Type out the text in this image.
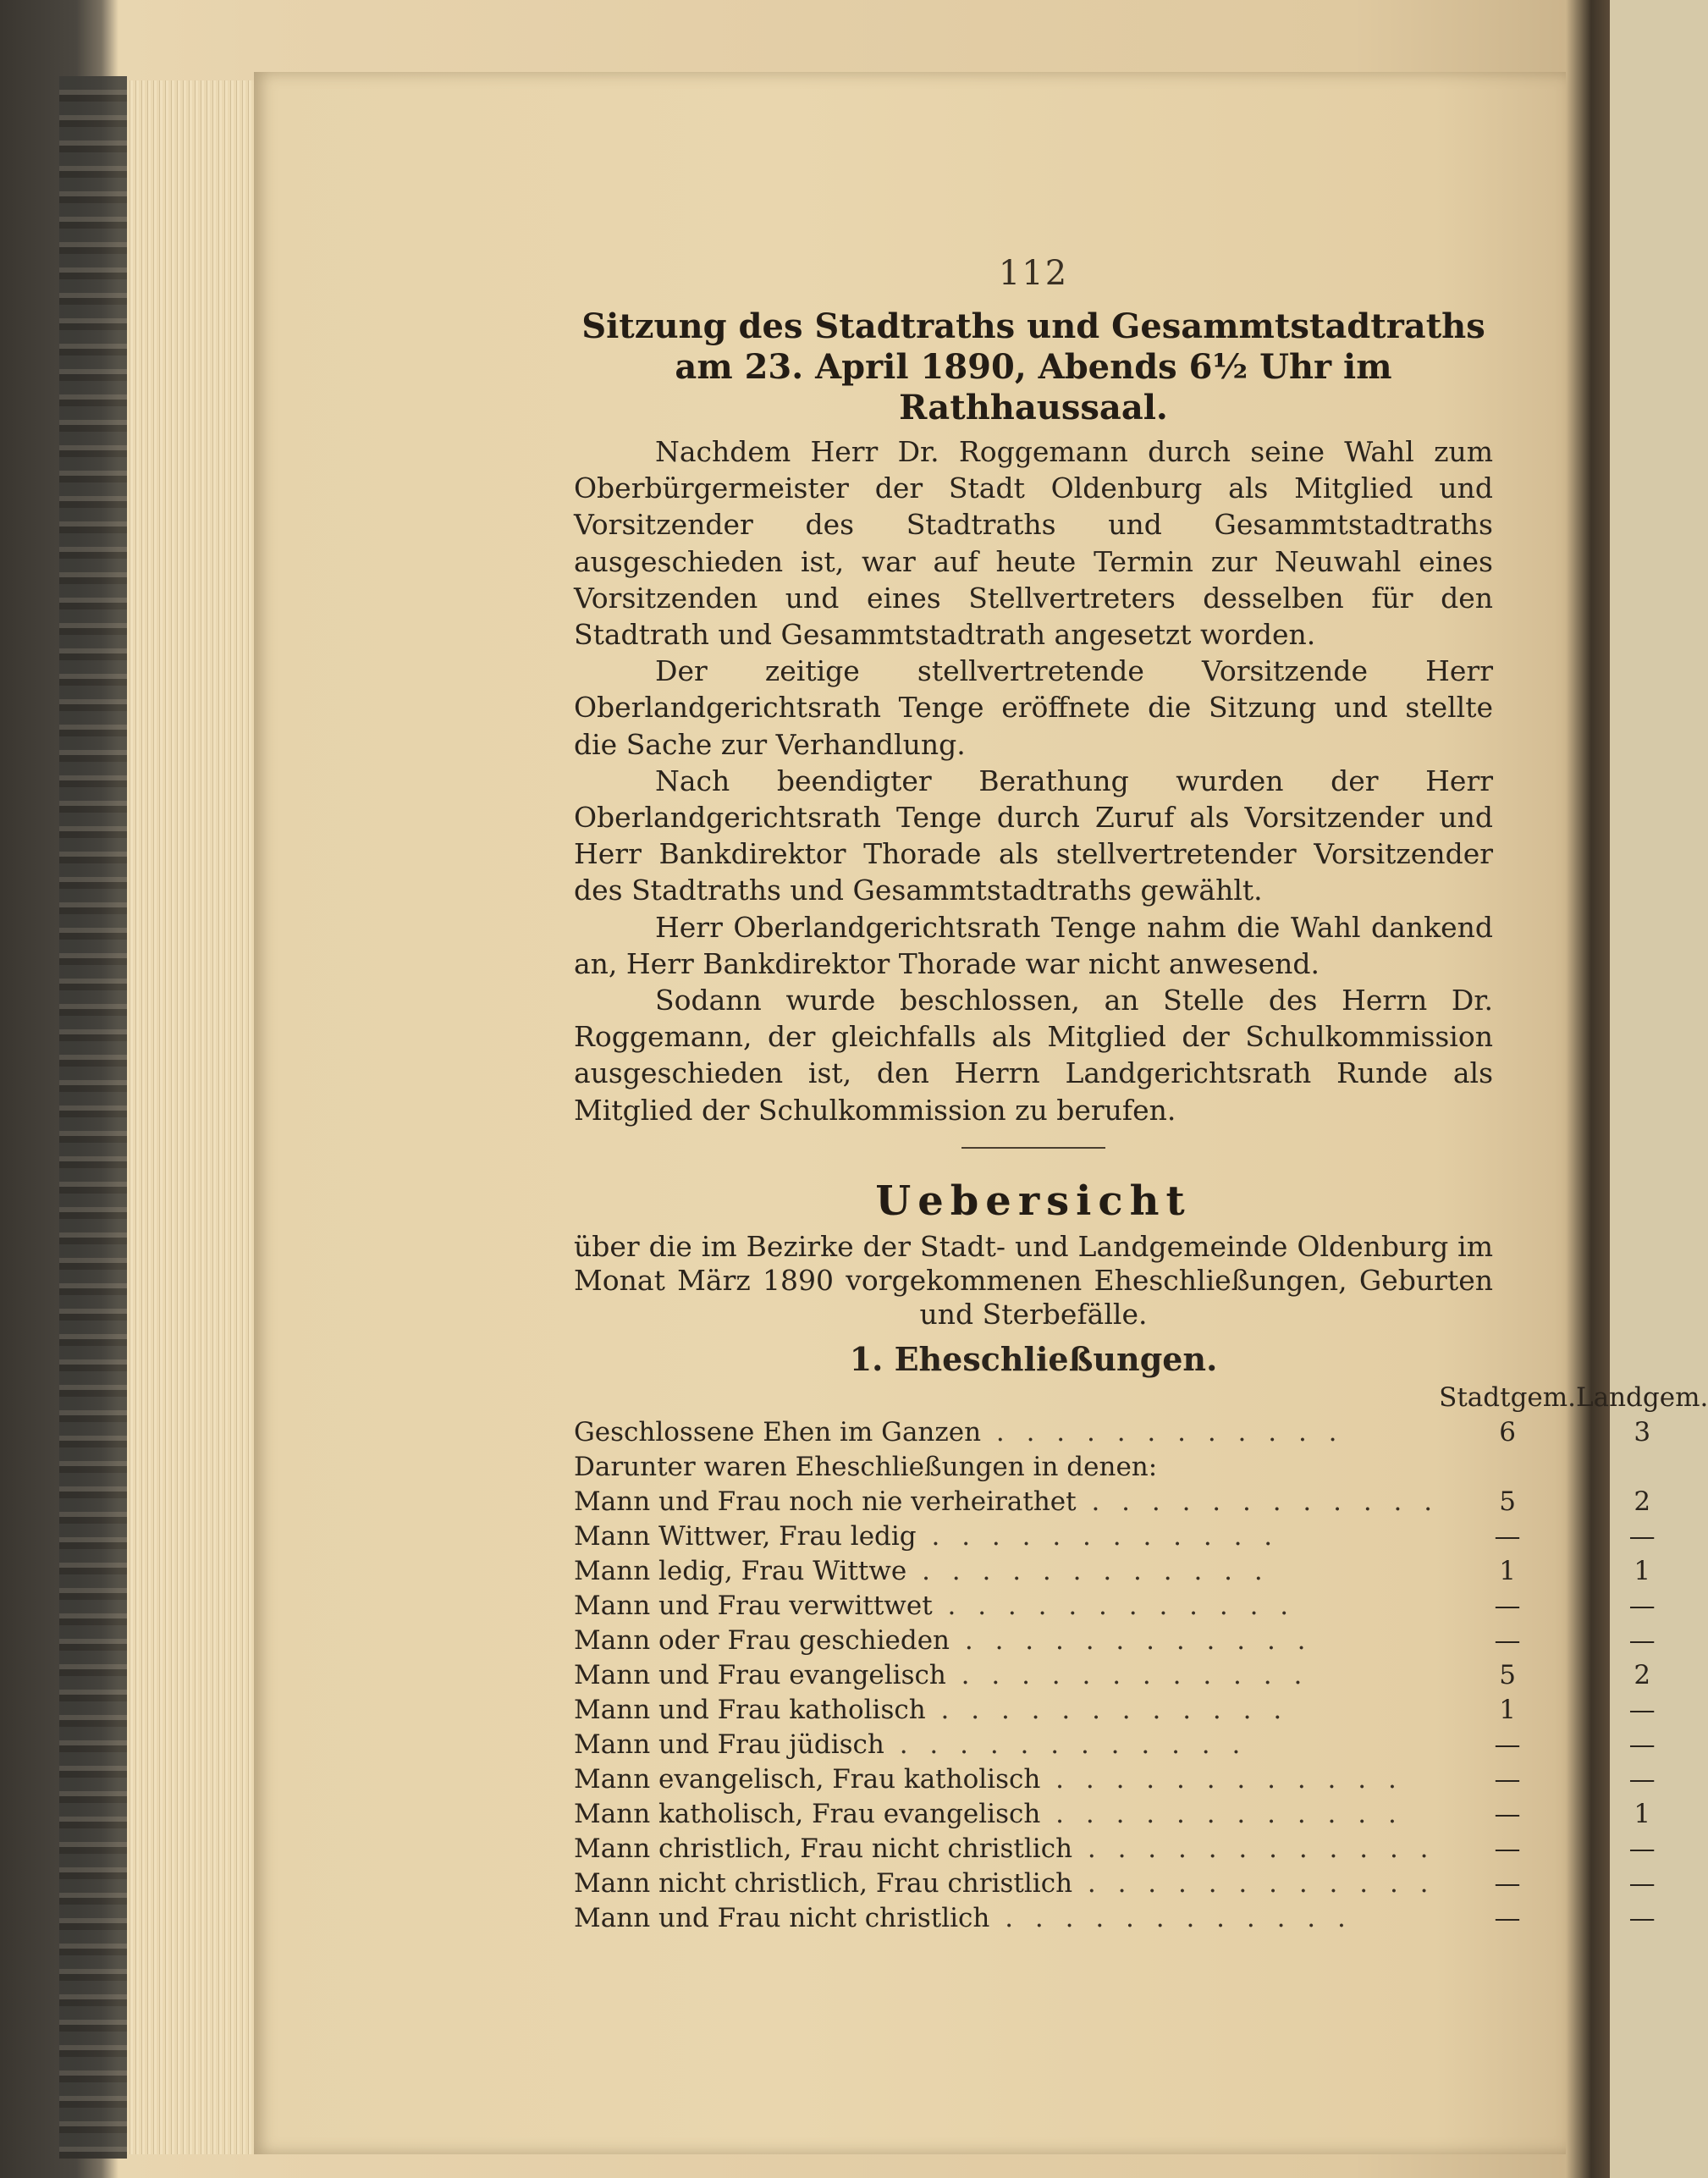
112
Sitzung des Stadtraths und Gesammtstadtraths am 23. April 1890, Abends 6½ Uhr im Rathhaussaal.

Nachdem Herr Dr. Roggemann durch seine Wahl zum Oberbürgermeister der Stadt Oldenburg als Mitglied und Vorsitzender des Stadtraths und Gesammtstadtraths ausgeschieden ist, war auf heute Termin zur Neuwahl eines Vorsitzenden und eines Stellvertreters desselben für den Stadtrath und Gesammtstadtrath angesetzt worden.

Der zeitige stellvertretende Vorsitzende Herr Oberlandgerichtsrath Tenge eröffnete die Sitzung und stellte die Sache zur Verhandlung.

Nach beendigter Berathung wurden der Herr Oberlandgerichtsrath Tenge durch Zuruf als Vorsitzender und Herr Bankdirektor Thorade als stellvertretender Vorsitzender des Stadtraths und Gesammtstadtraths gewählt.

Herr Oberlandgerichtsrath Tenge nahm die Wahl dankend an, Herr Bankdirektor Thorade war nicht anwesend.

Sodann wurde beschlossen, an Stelle des Herrn Dr. Roggemann, der gleichfalls als Mitglied der Schulkommission ausgeschieden ist, den Herrn Landgerichtsrath Runde als Mitglied der Schulkommission zu berufen.

Uebersicht

über die im Bezirke der Stadt- und Landgemeinde Oldenburg im Monat März 1890 vorgekommenen Eheschließungen, Geburten und Sterbefälle.

1. Eheschließungen.
	Stadtgem.	Landgem.
Geschlossene Ehen im Ganzen . . . . . . . . . . . .	6	3
Darunter waren Eheschließungen in denen:		
Mann und Frau noch nie verheirathet . . . . . . . . . . . .	5	2
Mann Wittwer, Frau ledig . . . . . . . . . . . .	—	—
Mann ledig, Frau Wittwe . . . . . . . . . . . .	1	1
Mann und Frau verwittwet . . . . . . . . . . . .	—	—
Mann oder Frau geschieden . . . . . . . . . . . .	—	—
Mann und Frau evangelisch . . . . . . . . . . . .	5	2
Mann und Frau katholisch . . . . . . . . . . . .	1	—
Mann und Frau jüdisch . . . . . . . . . . . .	—	—
Mann evangelisch, Frau katholisch . . . . . . . . . . . .	—	—
Mann katholisch, Frau evangelisch . . . . . . . . . . . .	—	1
Mann christlich, Frau nicht christlich . . . . . . . . . . . .	—	—
Mann nicht christlich, Frau christlich . . . . . . . . . . . .	—	—
Mann und Frau nicht christlich . . . . . . . . . . . .	—	—
